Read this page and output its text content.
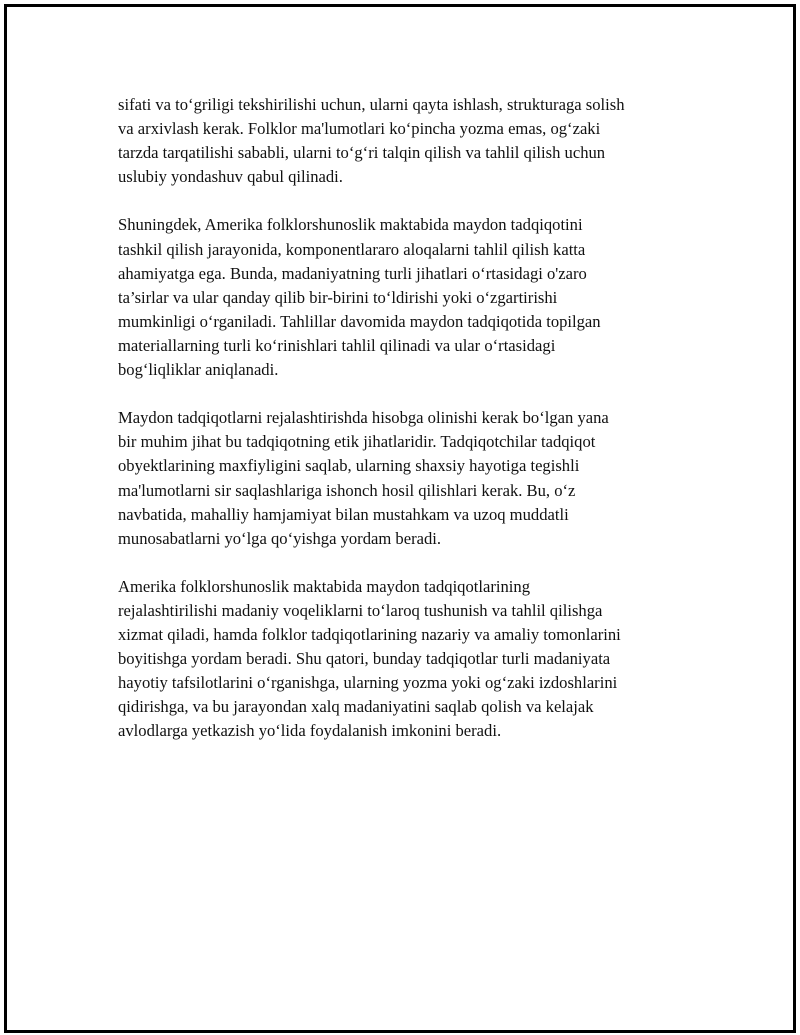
sifati va to‘griligi tekshirilishi uchun, ularni qayta ishlash, strukturaga solish
va arxivlash kerak. Folklor ma'lumotlari ko‘pincha yozma emas, og‘zaki
tarzda tarqatilishi sababli, ularni to‘g‘ri talqin qilish va tahlil qilish uchun
uslubiy yondashuv qabul qilinadi.

Shuningdek, Amerika folklorshunoslik maktabida maydon tadqiqotini
tashkil qilish jarayonida, komponentlararo aloqalarni tahlil qilish katta
ahamiyatga ega. Bunda, madaniyatning turli jihatlari o‘rtasidagi o'zaro
ta’sirlar va ular qanday qilib bir-birini to‘ldirishi yoki o‘zgartirishi
mumkinligi o‘rganiladi. Tahlillar davomida maydon tadqiqotida topilgan
materiallarning turli ko‘rinishlari tahlil qilinadi va ular o‘rtasidagi
bog‘liqliklar aniqlanadi.

Maydon tadqiqotlarni rejalashtirishda hisobga olinishi kerak bo‘lgan yana
bir muhim jihat bu tadqiqotning etik jihatlaridir. Tadqiqotchilar tadqiqot
obyektlarining maxfiyligini saqlab, ularning shaxsiy hayotiga tegishli
ma'lumotlarni sir saqlashlariga ishonch hosil qilishlari kerak. Bu, o‘z
navbatida, mahalliy hamjamiyat bilan mustahkam va uzoq muddatli
munosabatlarni yo‘lga qo‘yishga yordam beradi.

Amerika folklorshunoslik maktabida maydon tadqiqotlarining
rejalashtirilishi madaniy voqeliklarni to‘laroq tushunish va tahlil qilishga
xizmat qiladi, hamda folklor tadqiqotlarining nazariy va amaliy tomonlarini
boyitishga yordam beradi. Shu qatori, bunday tadqiqotlar turli madaniyata
hayotiy tafsilotlarini o‘rganishga, ularning yozma yoki og‘zaki izdoshlarini
qidirishga, va bu jarayondan xalq madaniyatini saqlab qolish va kelajak
avlodlarga yetkazish yo‘lida foydalanish imkonini beradi.
